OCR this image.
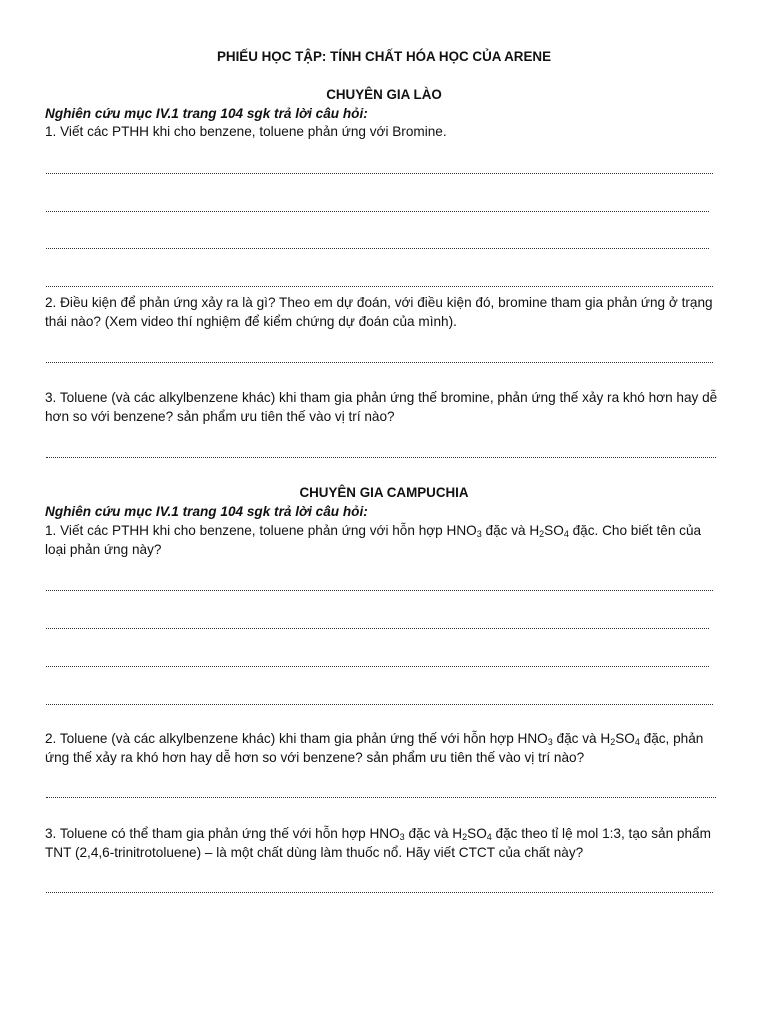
PHIẾU HỌC TẬP: TÍNH CHẤT HÓA HỌC CỦA ARENE
CHUYÊN GIA LÀO
Nghiên cứu mục IV.1 trang 104 sgk trả lời câu hỏi:
1. Viết các PTHH khi cho benzene, toluene phản ứng với Bromine.
2. Điều kiện để phản ứng xảy ra là gì? Theo em dự đoán, với điều kiện đó, bromine tham gia phản ứng ở trạng thái nào? (Xem video thí nghiệm để kiểm chứng dự đoán của mình).
3. Toluene (và các alkylbenzene khác) khi tham gia phản ứng thế bromine, phản ứng thế xảy ra khó hơn hay dễ hơn so với benzene? sản phẩm ưu tiên thế vào vị trí nào?
CHUYÊN GIA CAMPUCHIA
Nghiên cứu mục IV.1 trang 104 sgk trả lời câu hỏi:
1. Viết các PTHH khi cho benzene, toluene phản ứng với hỗn hợp $HNO_3$ đặc và $H_2SO_4$ đặc. Cho biết tên của loại phản ứng này?
2. Toluene (và các alkylbenzene khác) khi tham gia phản ứng thế với hỗn hợp $HNO_3$ đặc và $H_2SO_4$ đặc, phản ứng thế xảy ra khó hơn hay dễ hơn so với benzene? sản phẩm ưu tiên thế vào vị trí nào?
3. Toluene có thể tham gia phản ứng thế với hỗn hợp $HNO_3$ đặc và $H_2SO_4$ đặc theo tỉ lệ mol 1:3, tạo sản phẩm TNT (2,4,6-trinitrotoluene) – là một chất dùng làm thuốc nổ. Hãy viết CTCT của chất này?
